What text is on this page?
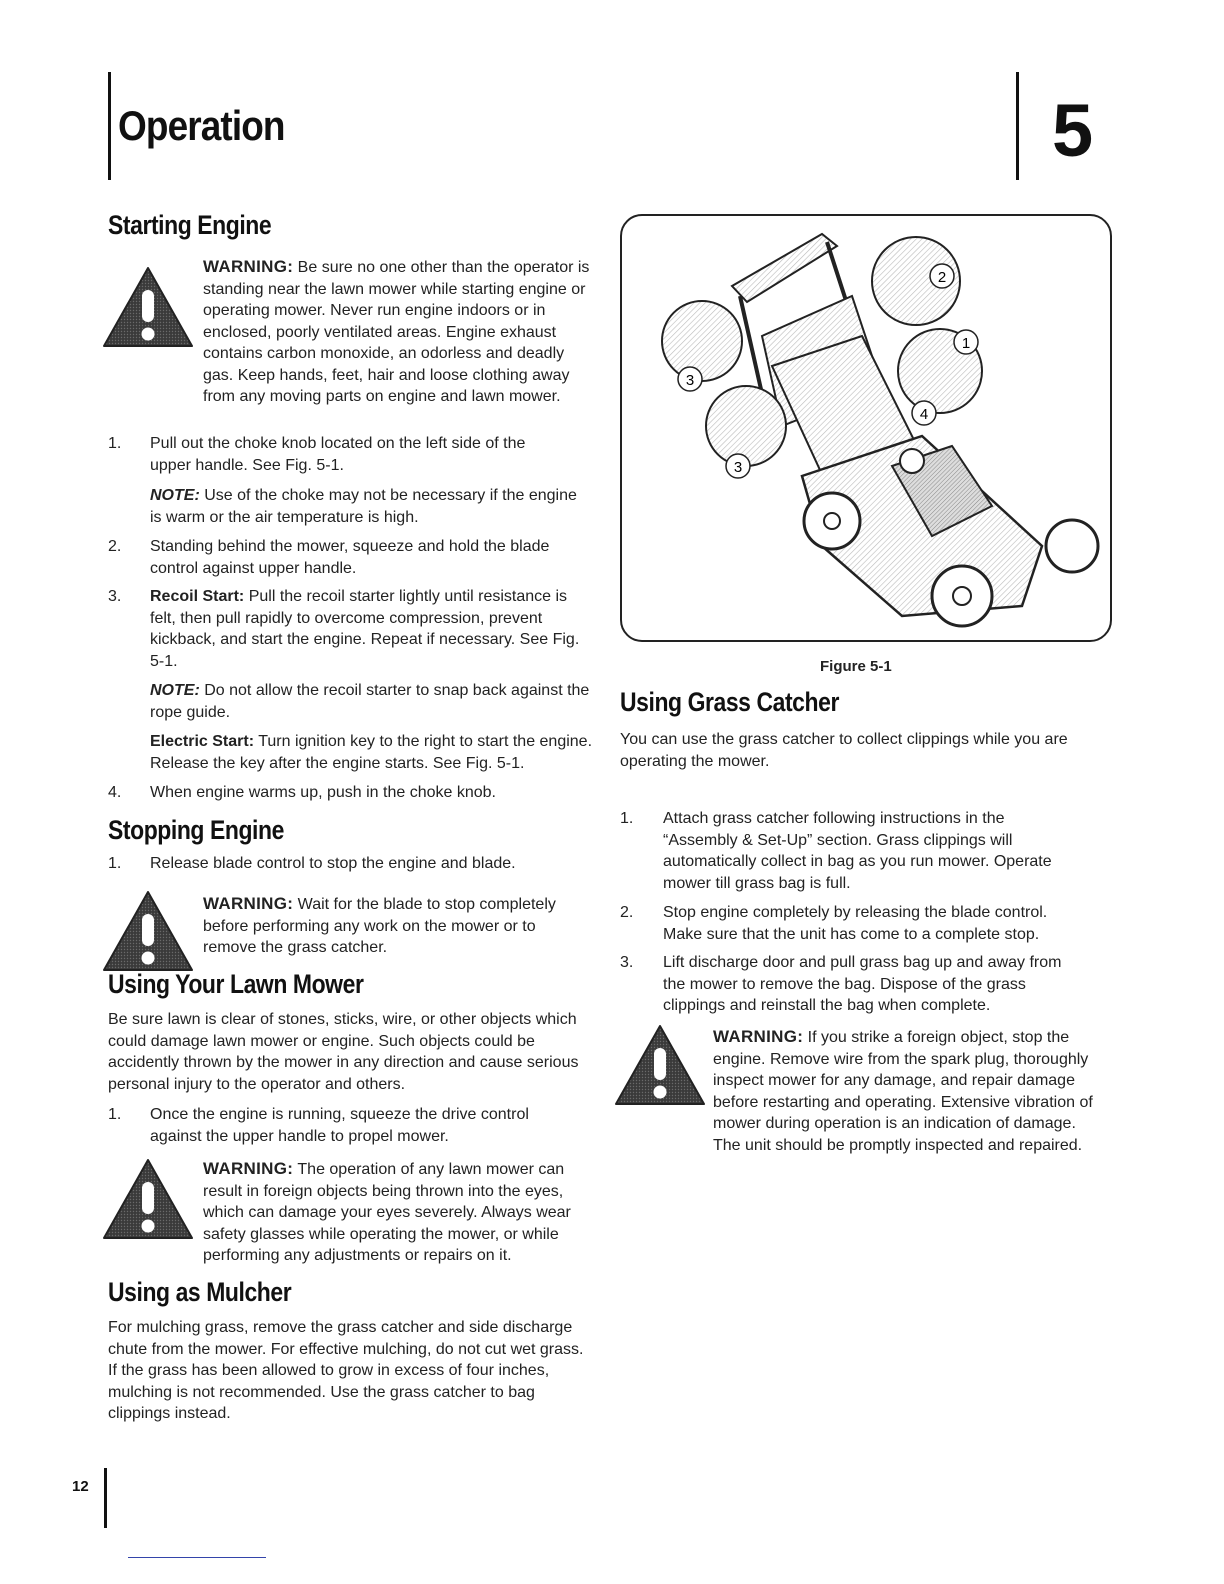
Operation	5
Starting Engine
WARNING: Be sure no one other than the operator is standing near the lawn mower while starting engine or operating mower. Never run engine indoors or in enclosed, poorly ventilated areas. Engine exhaust contains carbon monoxide, an odorless and deadly gas. Keep hands, feet, hair and loose clothing away from any moving parts on engine and lawn mower.
1. Pull out the choke knob located on the left side of the upper handle. See Fig. 5-1.
NOTE: Use of the choke may not be necessary if the engine is warm or the air temperature is high.
2. Standing behind the mower, squeeze and hold the blade control against upper handle.
3. Recoil Start: Pull the recoil starter lightly until resistance is felt, then pull rapidly to overcome compression, prevent kickback, and start the engine. Repeat if necessary. See Fig. 5-1.
NOTE: Do not allow the recoil starter to snap back against the rope guide.
Electric Start: Turn ignition key to the right to start the engine. Release the key after the engine starts. See Fig. 5-1.
4. When engine warms up, push in the choke knob.
Stopping Engine
1. Release blade control to stop the engine and blade.
WARNING: Wait for the blade to stop completely before performing any work on the mower or to remove the grass catcher.
Using Your Lawn Mower
Be sure lawn is clear of stones, sticks, wire, or other objects which could damage lawn mower or engine. Such objects could be accidently thrown by the mower in any direction and cause serious personal injury to the operator and others.
1. Once the engine is running, squeeze the drive control against the upper handle to propel mower.
WARNING: The operation of any lawn mower can result in foreign objects being thrown into the eyes, which can damage your eyes severely. Always wear safety glasses while operating the mower, or while performing any adjustments or repairs on it.
Using as Mulcher
For mulching grass, remove the grass catcher and side discharge chute from the mower. For effective mulching, do not cut wet grass. If the grass has been allowed to grow in excess of four inches, mulching is not recommended. Use the grass catcher to bag clippings instead.
12
2
1
4
3
3
Figure 5-1
Using Grass Catcher
You can use the grass catcher to collect clippings while you are operating the mower.
1. Attach grass catcher following instructions in the “Assembly & Set-Up” section. Grass clippings will automatically collect in bag as you run mower. Operate mower till grass bag is full.
2. Stop engine completely by releasing the blade control. Make sure that the unit has come to a complete stop.
3. Lift discharge door and pull grass bag up and away from the mower to remove the bag. Dispose of the grass clippings and reinstall the bag when complete.
WARNING: If you strike a foreign object, stop the engine. Remove wire from the spark plug, thoroughly inspect mower for any damage, and repair damage before restarting and operating. Extensive vibration of mower during operation is an indication of damage. The unit should be promptly inspected and repaired.
